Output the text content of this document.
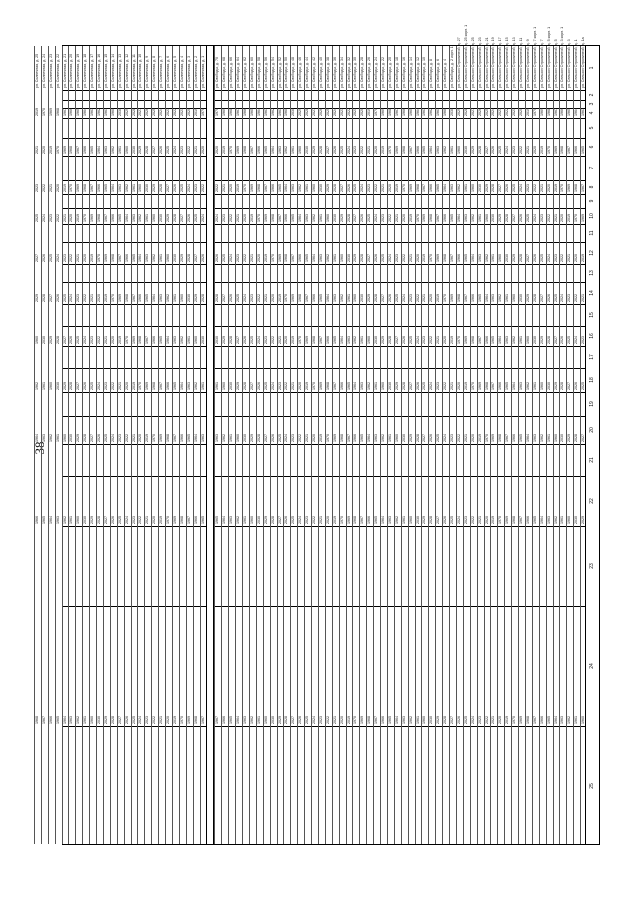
38
1
2
3
4
5
6
7
8
9
10
11
12
13
14
15
16
17
18
19
20
21
22
23
24
25
ул. Сельхоз Стролинтой, д. 1а
1963
1965
1967
1969
2019
2021
2023
2025
2027
2029
1960
ул. Сельхоз Стролинтой, д. 1
1964
1966
1968
1970
2020
2022
2024
2026
2028
2030
1961
ул. Сельхоз Стролинтой, д. 3
1965
1967
1969
2019
2021
2023
2025
2027
2029
1960
1962
ул. Сельхоз Стролинтой, д. 3 корп. 1
1966
1968
1970
2020
2022
2024
2026
2028
2030
1961
1963
ул. Сельхоз Стролинтой, д. 5
1967
1969
2019
2021
2023
2025
2027
2029
1960
1962
1964
ул. Сельхоз Стролинтой, д. 5 корп. 1
1968
1970
2020
2022
2024
2026
2028
2030
1961
1963
1965
ул. Сельхоз Стролинтой, д. 7
1969
2019
2021
2023
2025
2027
2029
1960
1962
1964
1966
ул. Сельхоз Стролинтой, д. 7 корп. 1
1970
2020
2022
2024
2026
2028
2030
1961
1963
1965
1967
ул. Сельхоз Стролинтой, д. 9
2019
2021
2023
2025
2027
2029
1960
1962
1964
1966
1968
ул. Сельхоз Стролинтой, д. 11
2020
2022
2024
2026
2028
2030
1961
1963
1965
1967
1969
ул. Сельхоз Стролинтой, д. 13
2021
2023
2025
2027
2029
1960
1962
1964
1966
1968
1970
ул. Сельхоз Стролинтой, д. 15
2022
2024
2026
2028
2030
1961
1963
1965
1967
1969
2019
ул. Сельхоз Стролинтой, д. 17
2023
2025
2027
2029
1960
1962
1964
1966
1968
1970
2020
ул. Сельхоз Стролинтой, д. 19
2024
2026
2028
2030
1961
1963
1965
1967
1969
2019
2021
ул. Сельхоз Стролинтой, д. 21
2025
2027
2029
1960
1962
1964
1966
1968
1970
2020
2022
ул. Сельхоз Стролинтой, д. 23
2026
2028
2030
1961
1963
1965
1967
1969
2019
2021
2023
ул. Сельхоз Стролинтой, д. 25
2027
2029
1960
1962
1964
1966
1968
1970
2020
2022
2024
ул. Сельхоз Стролинтой, д. 25 корп. 1
2028
2030
1961
1963
1965
1967
1969
2019
2021
2023
2025
ул. Сельхоз Стролинтой, д. 27
2029
1960
1962
1964
1966
1968
1970
2020
2022
2024
2026
ул. Свободы, д. 2 корп. 1
2030
1961
1963
1965
1967
1969
2019
2021
2023
2025
2027
ул. Свободы, д. 4
1960
1962
1964
1966
1968
1970
2020
2022
2024
2026
2028
ул. Свободы, д. 6
1961
1963
1965
1967
1969
2019
2021
2023
2025
2027
2029
ул. Свободы, д. 8
1962
1964
1966
1968
1970
2020
2022
2024
2026
2028
2030
ул. Свободы, д. 10
1963
1965
1967
1969
2019
2021
2023
2025
2027
2029
1960
ул. Свободы, д. 12
1964
1966
1968
1970
2020
2022
2024
2026
2028
2030
1961
ул. Свободы, д. 14
1965
1967
1969
2019
2021
2023
2025
2027
2029
1960
1962
ул. Свободы, д. 16
1966
1968
1970
2020
2022
2024
2026
2028
2030
1961
1963
ул. Свободы, д. 18
1967
1969
2019
2021
2023
2025
2027
2029
1960
1962
1964
ул. Свободы, д. 20
1968
1970
2020
2022
2024
2026
2028
2030
1961
1963
1965
ул. Свободы, д. 22
1969
2019
2021
2023
2025
2027
2029
1960
1962
1964
1966
ул. Свободы, д. 24
1970
2020
2022
2024
2026
2028
2030
1961
1963
1965
1967
ул. Свободы, д. 26
2019
2021
2023
2025
2027
2029
1960
1962
1964
1966
1968
ул. Свободы, д. 28
2020
2022
2024
2026
2028
2030
1961
1963
1965
1967
1969
ул. Свободы, д. 30
2021
2023
2025
2027
2029
1960
1962
1964
1966
1968
1970
ул. Свободы, д. 32
2022
2024
2026
2028
2030
1961
1963
1965
1967
1969
2019
ул. Свободы, д. 34
2023
2025
2027
2029
1960
1962
1964
1966
1968
1970
2020
ул. Свободы, д. 36
2024
2026
2028
2030
1961
1963
1965
1967
1969
2019
2021
ул. Свободы, д. 38
2025
2027
2029
1960
1962
1964
1966
1968
1970
2020
2022
ул. Свободы, д. 40
2026
2028
2030
1961
1963
1965
1967
1969
2019
2021
2023
ул. Свободы, д. 42
2027
2029
1960
1962
1964
1966
1968
1970
2020
2022
2024
ул. Свободы, д. 44
2028
2030
1961
1963
1965
1967
1969
2019
2021
2023
2025
ул. Свободы, д. 46
2029
1960
1962
1964
1966
1968
1970
2020
2022
2024
2026
ул. Свободы, д. 48
2030
1961
1963
1965
1967
1969
2019
2021
2023
2025
2027
ул. Свободы, д. 50
1960
1962
1964
1966
1968
1970
2020
2022
2024
2026
2028
ул. Свободы, д. 52
1961
1963
1965
1967
1969
2019
2021
2023
2025
2027
2029
ул. Свободы, д. 54
1962
1964
1966
1968
1970
2020
2022
2024
2026
2028
2030
ул. Свободы, д. 56
1963
1965
1967
1969
2019
2021
2023
2025
2027
2029
1960
ул. Свободы, д. 58
1964
1966
1968
1970
2020
2022
2024
2026
2028
2030
1961
ул. Свободы, д. 60
1965
1967
1969
2019
2021
2023
2025
2027
2029
1960
1962
ул. Свободы, д. 62
1966
1968
1970
2020
2022
2024
2026
2028
2030
1961
1963
ул. Свободы, д. 64
1967
1969
2019
2021
2023
2025
2027
2029
1960
1962
1964
ул. Свободы, д. 66
1968
1970
2020
2022
2024
2026
2028
2030
1961
1963
1965
ул. Свободы, д. 68
1969
2019
2021
2023
2025
2027
2029
1960
1962
1964
1966
ул. Свободы, д. 70
1970
2020
2022
2024
2026
2028
2030
1961
1963
1965
1967
ул. Солнечная, д. 1
1970
2020
2022
2024
2026
2028
2030
1961
1963
1965
1967
ул. Солнечная, д. 2
2019
2021
2023
2025
2027
2029
1960
1962
1964
1966
1968
ул. Солнечная, д. 3
2020
2022
2024
2026
2028
2030
1961
1963
1965
1967
1969
ул. Солнечная, д. 4
2021
2023
2025
2027
2029
1960
1962
1964
1966
1968
1970
ул. Солнечная, д. 5
2022
2024
2026
2028
2030
1961
1963
1965
1967
1969
2019
ул. Солнечная, д. 6
2023
2025
2027
2029
1960
1962
1964
1966
1968
1970
2020
ул. Солнечная, д. 7
2024
2026
2028
2030
1961
1963
1965
1967
1969
2019
2021
ул. Солнечная, д. 8
2025
2027
2029
1960
1962
1964
1966
1968
1970
2020
2022
ул. Солнечная, д. 9
2026
2028
2030
1961
1963
1965
1967
1969
2019
2021
2023
ул. Солнечная, д. 10
2027
2029
1960
1962
1964
1966
1968
1970
2020
2022
2024
ул. Солнечная, д. 11
2028
2030
1961
1963
1965
1967
1969
2019
2021
2023
2025
ул. Солнечная, д. 12
2029
1960
1962
1964
1966
1968
1970
2020
2022
2024
2026
ул. Солнечная, д. 13
2030
1961
1963
1965
1967
1969
2019
2021
2023
2025
2027
ул. Солнечная, д. 14
1960
1962
1964
1966
1968
1970
2020
2022
2024
2026
2028
ул. Солнечная, д. 15
1961
1963
1965
1967
1969
2019
2021
2023
2025
2027
2029
ул. Солнечная, д. 16
1962
1964
1966
1968
1970
2020
2022
2024
2026
2028
2030
ул. Солнечная, д. 17
1963
1965
1967
1969
2019
2021
2023
2025
2027
2029
1960
ул. Солнечная, д. 18
1964
1966
1968
1970
2020
2022
2024
2026
2028
2030
1961
ул. Солнечная, д. 19
1965
1967
1969
2019
2021
2023
2025
2027
2029
1960
1962
ул. Солнечная, д. 20
1966
1968
1970
2020
2022
2024
2026
2028
2030
1961
1963
ул. Солнечная, д. 21
1967
1969
2019
2021
2023
2025
2027
2029
1960
1962
1964
ул. Солнечная, д. 22
1968
1970
2020
2022
2024
2026
2028
2030
1961
1963
1965
ул. Солнечная, д. 23
1969
2019
2021
2023
2025
2027
2029
1960
1962
1964
1966
ул. Солнечная, д. 24
1970
2020
2022
2024
2026
2028
2030
1961
1963
1965
1967
ул. Солнечная, д. 25
2019
2021
2023
2025
2027
2029
1960
1962
1964
1966
1968
